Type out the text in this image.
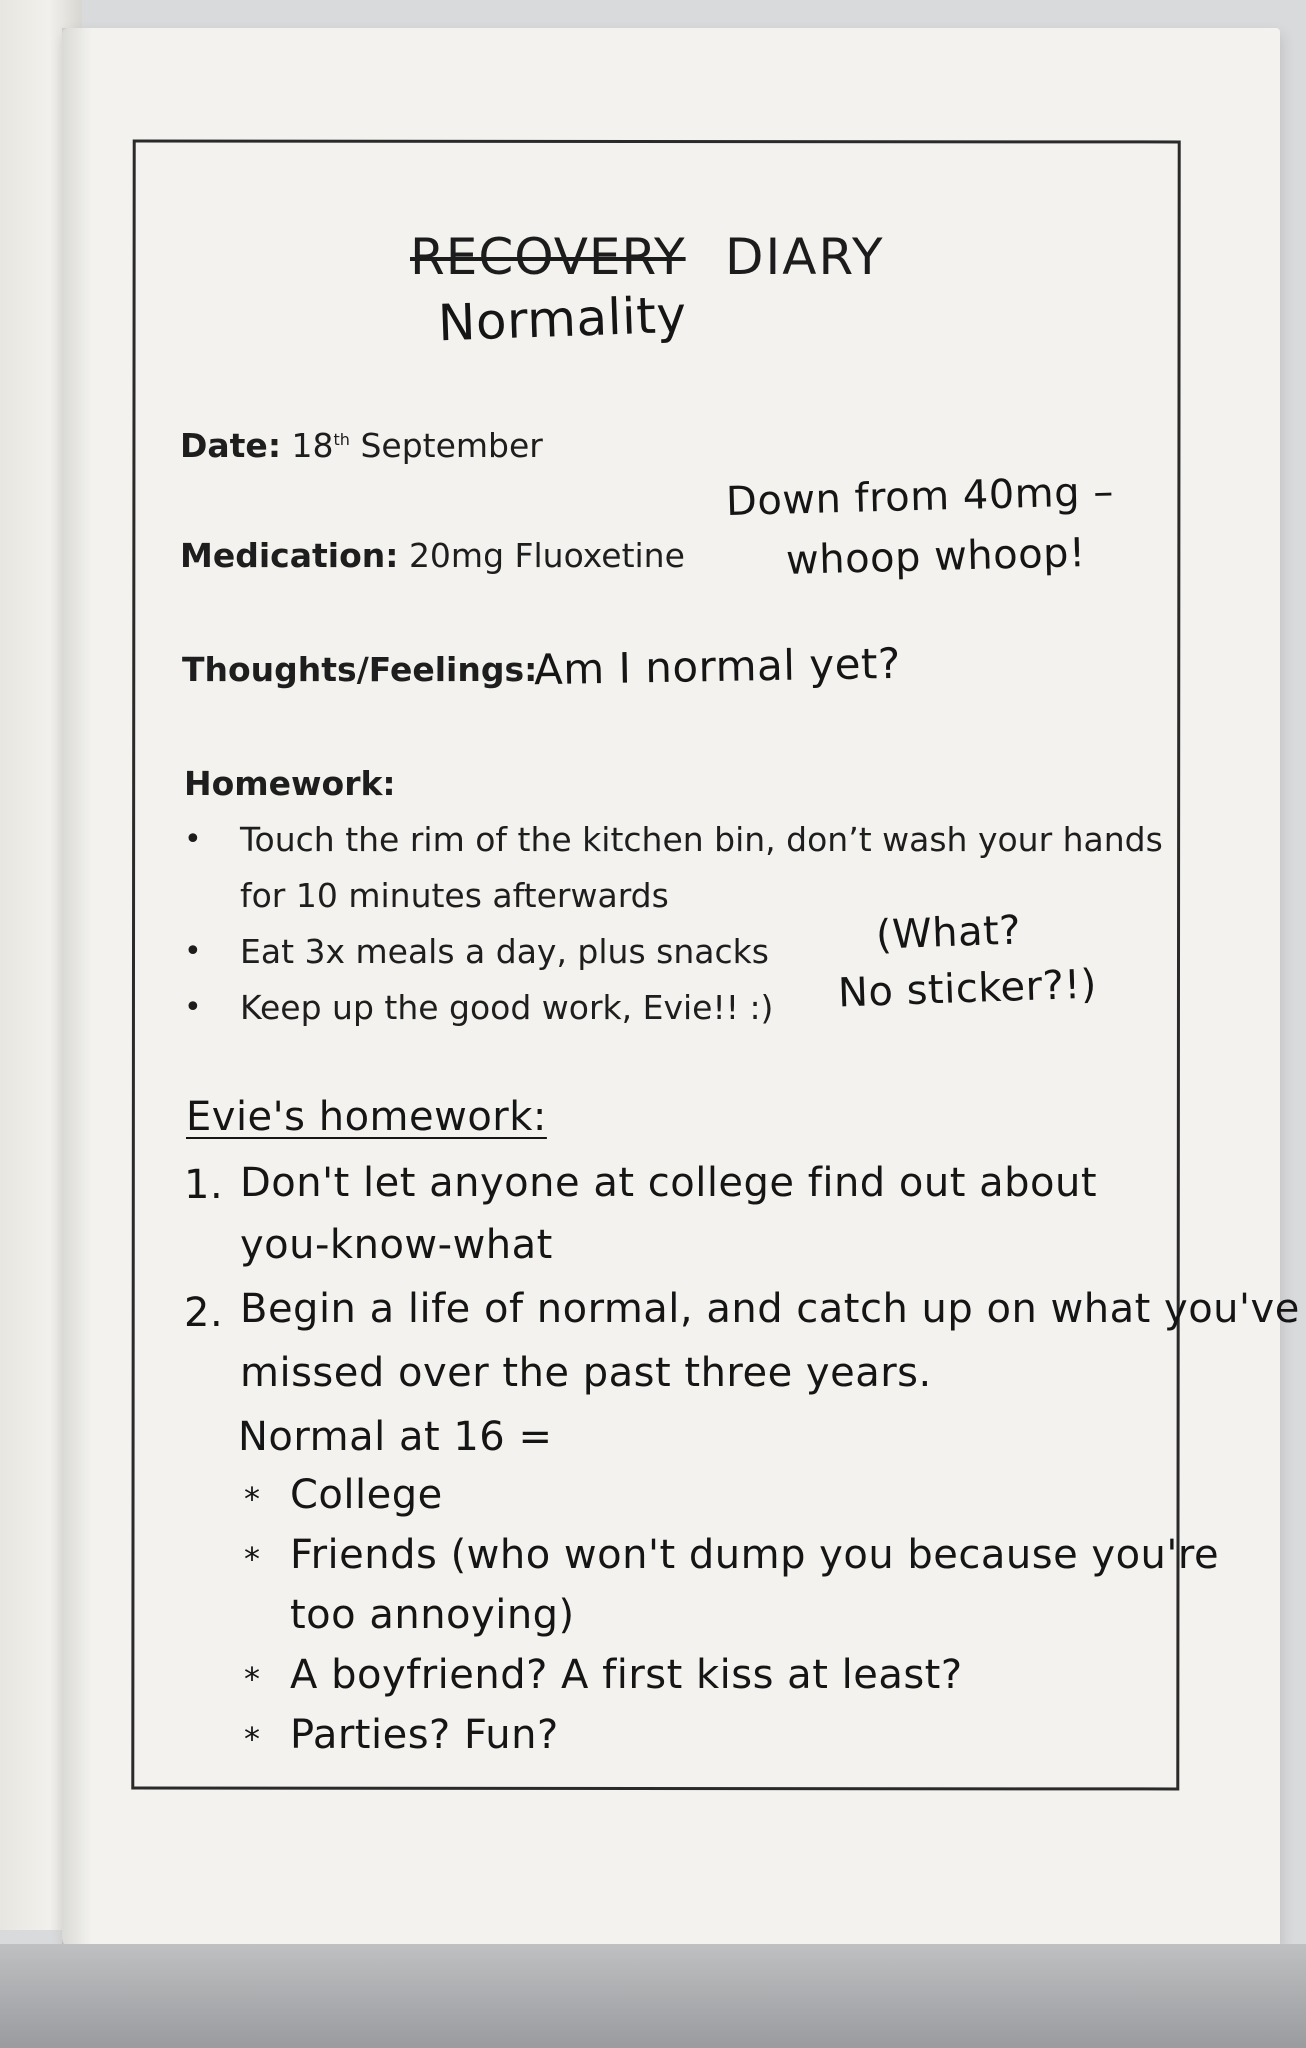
RECOVERY DIARY
Normality
Date: 18th September
Medication: 20mg Fluoxetine
Down from 40mg –
whoop whoop!
Thoughts/Feelings:
Am I normal yet?
Homework:
• Touch the rim of the kitchen bin, don’t wash your hands
for 10 minutes afterwards
• Eat 3x meals a day, plus snacks
• Keep up the good work, Evie!! :)
(What?
No sticker?!)
Evie's homework:
1. Don't let anyone at college find out about
you-know-what
2. Begin a life of normal, and catch up on what you've
missed over the past three years.
Normal at 16 =
* College
* Friends (who won't dump you because you're
too annoying)
* A boyfriend? A first kiss at least?
* Parties? Fun?
